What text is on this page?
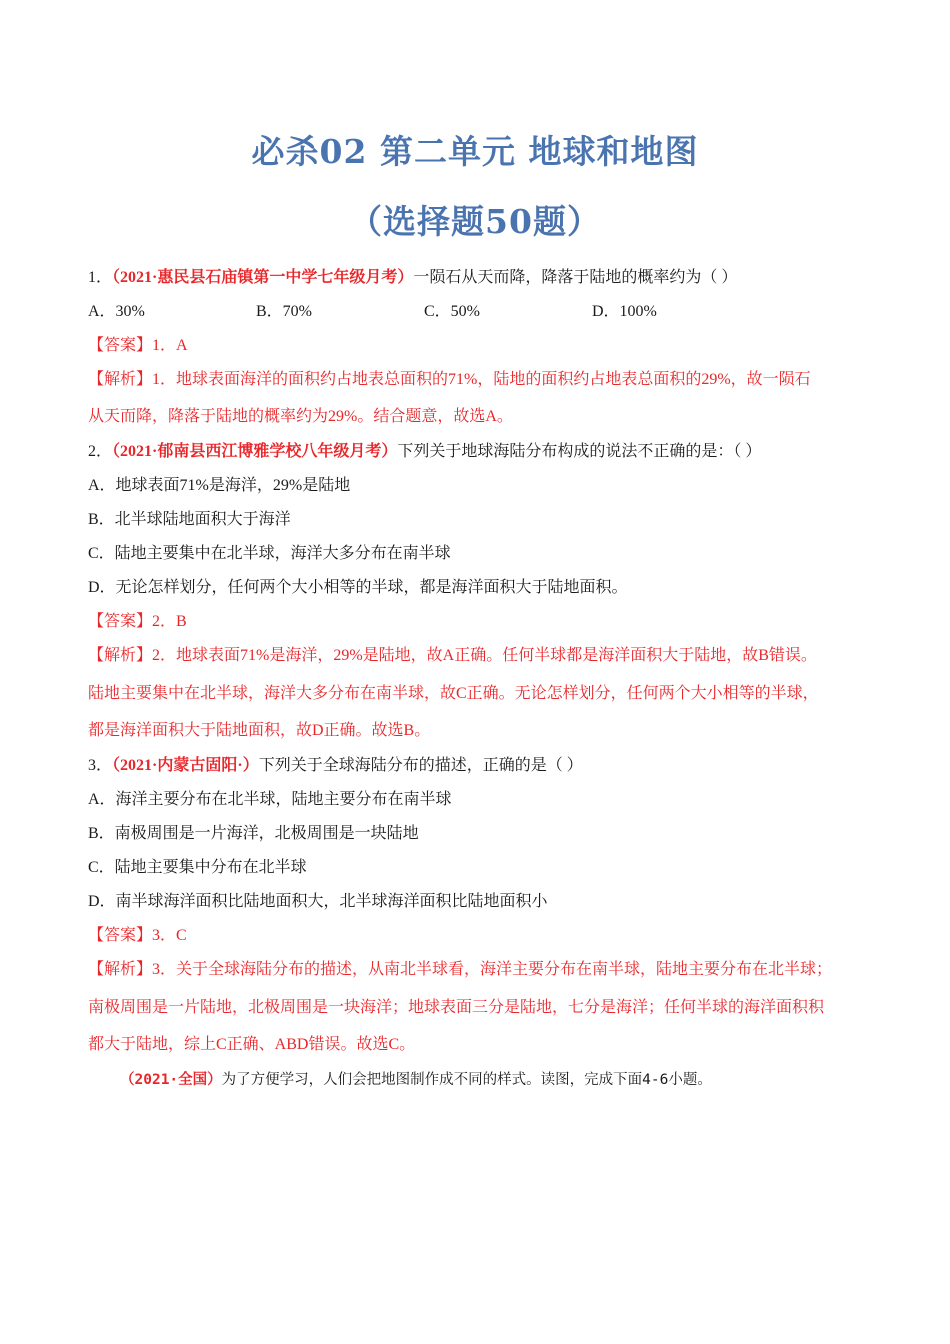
必杀02 第二单元 地球和地图
（选择题50题）
1．（2021·惠民县石庙镇第一中学七年级月考）一陨石从天而降，降落于陆地的概率约为（ ）
A．30%	B．70%	C．50%	D．100%
【答案】1．A
【解析】1．地球表面海洋的面积约占地表总面积的71%，陆地的面积约占地表总面积的29%，故一陨石
从天而降，降落于陆地的概率约为29%。结合题意，故选A。
2．（2021·郁南县西江博雅学校八年级月考）下列关于地球海陆分布构成的说法不正确的是：（ ）
A．地球表面71%是海洋，29%是陆地
B．北半球陆地面积大于海洋
C．陆地主要集中在北半球，海洋大多分布在南半球
D．无论怎样划分，任何两个大小相等的半球，都是海洋面积大于陆地面积。
【答案】2．B
【解析】2．地球表面71%是海洋，29%是陆地，故A正确。任何半球都是海洋面积大于陆地，故B错误。
陆地主要集中在北半球，海洋大多分布在南半球，故C正确。无论怎样划分，任何两个大小相等的半球，
都是海洋面积大于陆地面积，故D正确。故选B。
3．（2021·内蒙古固阳·）下列关于全球海陆分布的描述，正确的是（ ）
A．海洋主要分布在北半球，陆地主要分布在南半球
B．南极周围是一片海洋，北极周围是一块陆地
C．陆地主要集中分布在北半球
D．南半球海洋面积比陆地面积大，北半球海洋面积比陆地面积小
【答案】3．C
【解析】3．关于全球海陆分布的描述，从南北半球看，海洋主要分布在南半球，陆地主要分布在北半球；
南极周围是一片陆地，北极周围是一块海洋；地球表面三分是陆地，七分是海洋；任何半球的海洋面积积
都大于陆地，综上C正确、ABD错误。故选C。
（2021·全国）为了方便学习，人们会把地图制作成不同的样式。读图，完成下面4-6小题。
